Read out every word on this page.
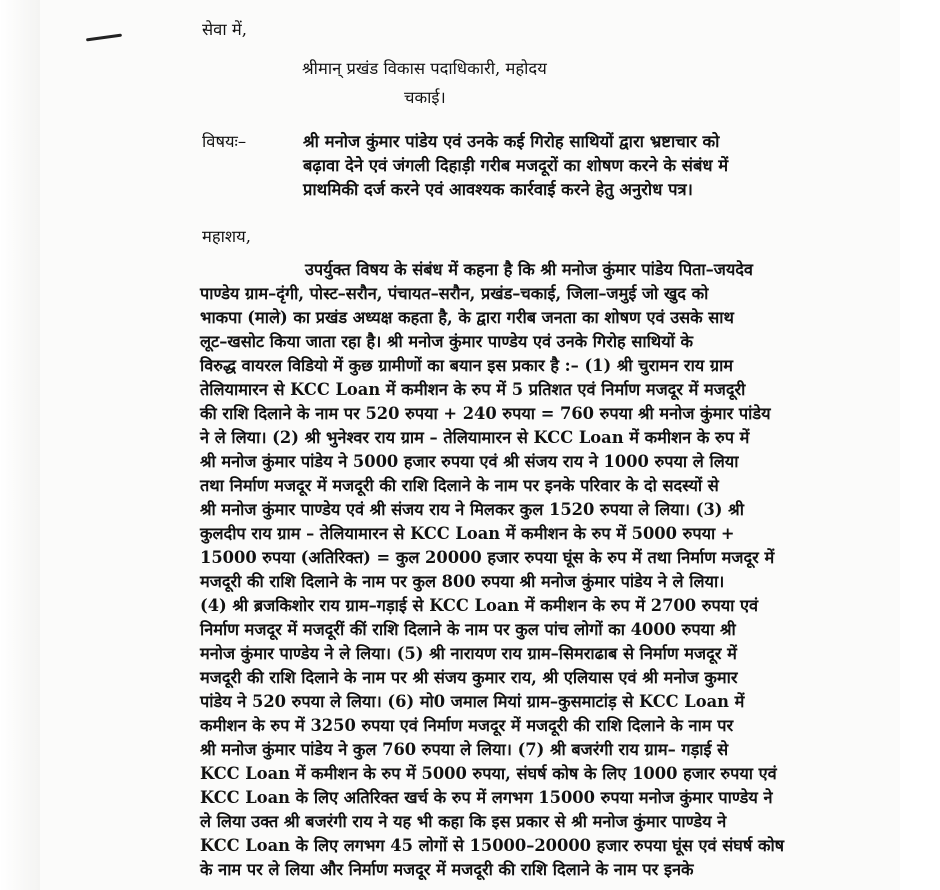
सेवा में,
श्रीमान् प्रखंड विकास पदाधिकारी, महोदय
चकाई।
विषयः–	श्री मनोज कुंमार पांडेय एवं उनके कई गिरोह साथियों द्वारा भ्रष्टाचार को
बढ़ावा देने एवं जंगली दिहाड़ी गरीब मजदूरों का शोषण करने के संबंध में
प्राथमिकी दर्ज करने एवं आवश्यक कार्रवाई करने हेतु अनुरोध पत्र।
महाशय,
उपर्युक्त विषय के संबंध में कहना है कि श्री मनोज कुंमार पांडेय पिता–जयदेव
पाण्डेय ग्राम–दृंगी, पोस्ट–सरौन, पंचायत–सरौन, प्रखंड–चकाई, जिला–जमुई जो खुद को
भाकपा (माले) का प्रखंड अध्यक्ष कहता है, के द्वारा गरीब जनता का शोषण एवं उसके साथ
लूट–खसोट किया जाता रहा है। श्री मनोज कुंमार पाण्डेय एवं उनके गिरोह साथियों के
विरुद्ध वायरल विडियो में कुछ ग्रामीणों का बयान इस प्रकार है :– (1) श्री चुरामन राय ग्राम
तेलियामारन से KCC Loan में कमीशन के रुप में 5 प्रतिशत एवं निर्माण मजदूर में मजदूरी
की राशि दिलाने के नाम पर 520 रुपया + 240 रुपया = 760 रुपया श्री मनोज कुंमार पांडेय
ने ले लिया। (2) श्री भुनेश्वर राय ग्राम – तेलियामारन से KCC Loan में कमीशन के रुप में
श्री मनोज कुंमार पांडेय ने 5000 हजार रुपया एवं श्री संजय राय ने 1000 रुपया ले लिया
तथा निर्माण मजदूर में मजदूरी की राशि दिलाने के नाम पर इनके परिवार के दो सदस्यों से
श्री मनोज कुंमार पाण्डेय एवं श्री संजय राय ने मिलकर कुल 1520 रुपया ले लिया। (3) श्री
कुलदीप राय ग्राम – तेलियामारन से KCC Loan में कमीशन के रुप में 5000 रुपया +
15000 रुपया (अतिरिक्त) = कुल 20000 हजार रुपया घूंस के रुप में तथा निर्माण मजदूर में
मजदूरी की राशि दिलाने के नाम पर कुल 800 रुपया श्री मनोज कुंमार पांडेय ने ले लिया।
(4) श्री ब्रजकिशोर राय ग्राम–गड़ाई से KCC Loan में कमीशन के रुप में 2700 रुपया एवं
निर्माण मजदूर में मजदूरीं कीं राशि दिलाने के नाम पर कुल पांच लोगों का 4000 रुपया श्री
मनोज कुंमार पाण्डेय ने ले लिया। (5) श्री नारायण राय ग्राम–सिमराढाब से निर्माण मजदूर में
मजदूरी की राशि दिलाने के नाम पर श्री संजय कुमार राय, श्री एलियास एवं श्री मनोज कुमार
पांडेय ने 520 रुपया ले लिया। (6) मो0 जमाल मियां ग्राम–कुसमाटांड़ से KCC Loan में
कमीशन के रुप में 3250 रुपया एवं निर्माण मजदूर में मजदूरी की राशि दिलाने के नाम पर
श्री मनोज कुंमार पांडेय ने कुल 760 रुपया ले लिया। (7) श्री बजरंगी राय ग्राम– गड़ाई से
KCC Loan में कमीशन के रुप में 5000 रुपया, संघर्ष कोष के लिए 1000 हजार रुपया एवं
KCC Loan के लिए अतिरिक्त खर्च के रुप में लगभग 15000 रुपया मनोज कुंमार पाण्डेय ने
ले लिया उक्त श्री बजरंगी राय ने यह भी कहा कि इस प्रकार से श्री मनोज कुंमार पाण्डेय ने
KCC Loan के लिए लगभग 45 लोगों से 15000–20000 हजार रुपया घूंस एवं संघर्ष कोष
के नाम पर ले लिया और निर्माण मजदूर में मजदूरी की राशि दिलाने के नाम पर इनके
